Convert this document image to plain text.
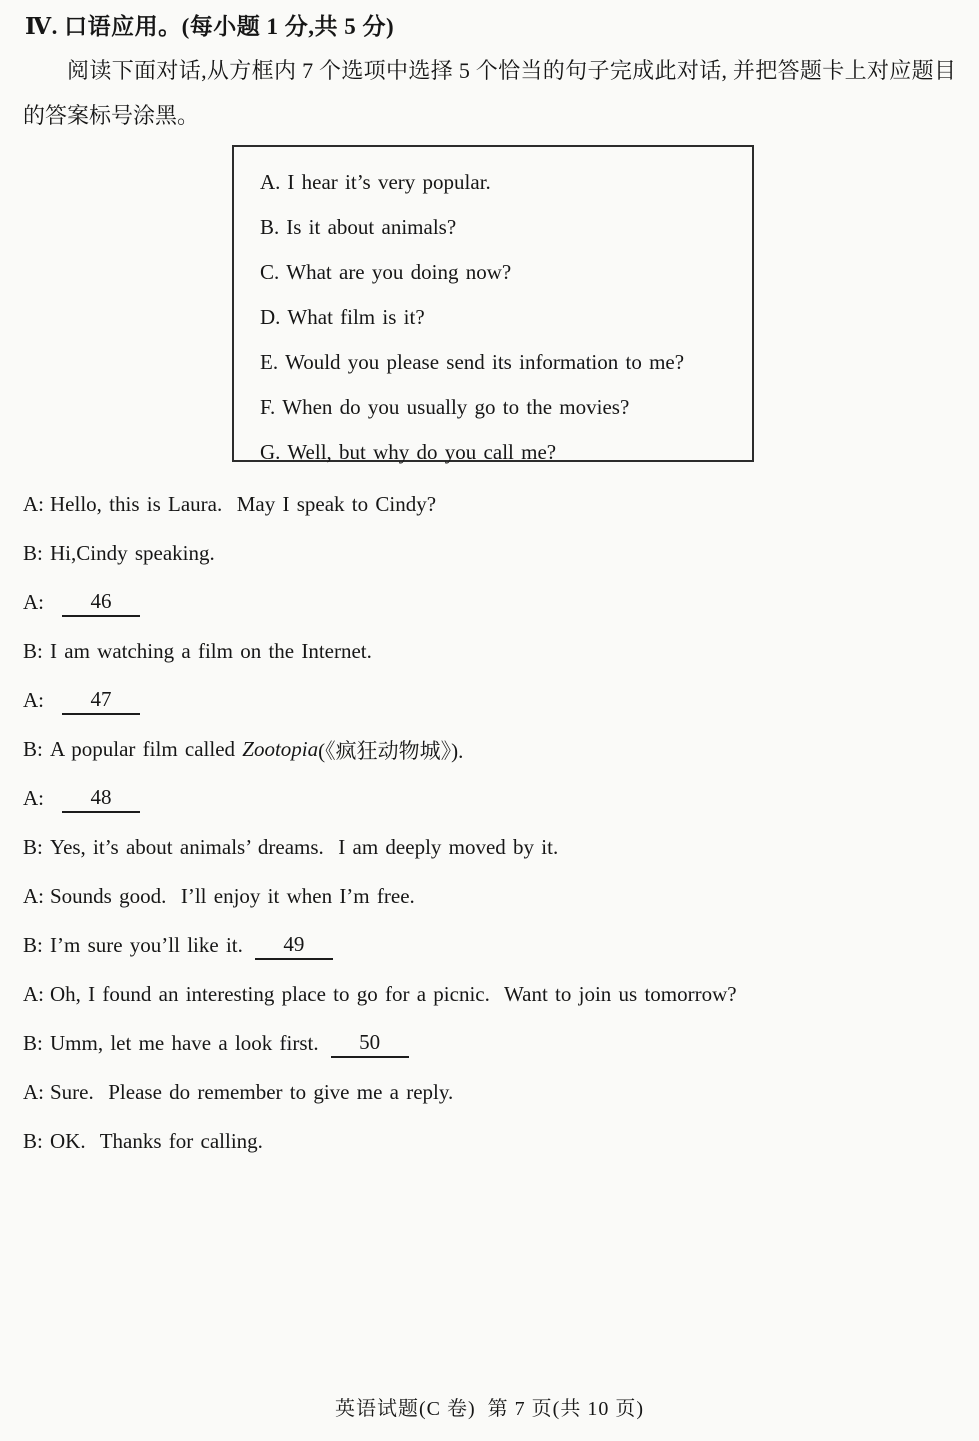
Ⅳ. 口语应用。(每小题 1 分,共 5 分)

阅读下面对话,从方框内 7 个选项中选择 5 个恰当的句子完成此对话, 并把答题卡上对应题目的答案标号涂黑。

A. I hear it’s very popular.
B. Is it about animals?
C. What are you doing now?
D. What film is it?
E. Would you please send its information to me?
F. When do you usually go to the movies?
G. Well, but why do you call me?
A: Hello, this is Laura.  May I speak to Cindy?
B: Hi,Cindy speaking.
A:	46
B: I am watching a film on the Internet.
A:	47
B: A popular film called Zootopia (《疯狂动物城》).
A:	48
B: Yes, it’s about animals’ dreams.  I am deeply moved by it.
A: Sounds good.  I’ll enjoy it when I’m free.
B: I’m sure you’ll like it.	49
A: Oh, I found an interesting place to go for a picnic.  Want to join us tomorrow?
B: Umm, let me have a look first.	50
A: Sure.  Please do remember to give me a reply.
B: OK.  Thanks for calling.
英语试题(C 卷)  第 7 页(共 10 页)
